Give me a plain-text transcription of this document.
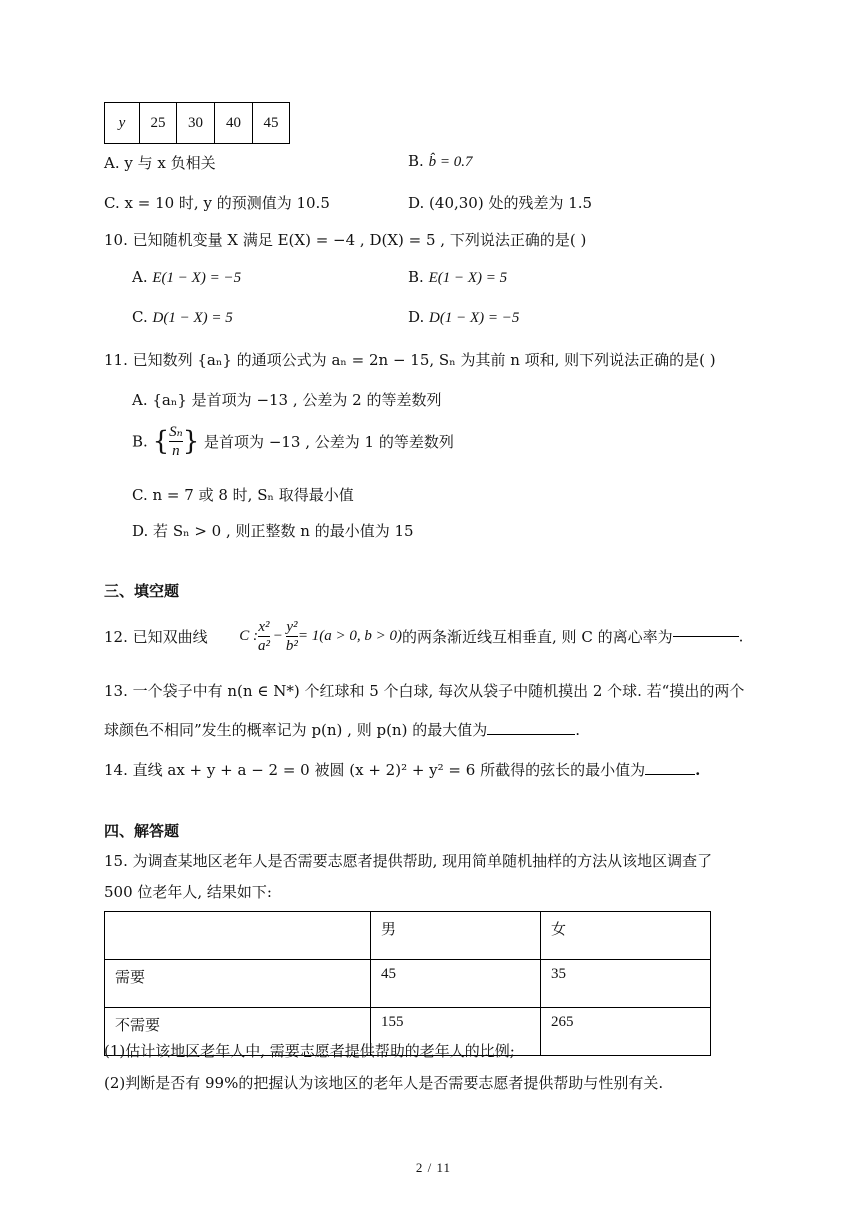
y	25	30	40	45
A. y 与 x 负相关	B. b̂ = 0.7
C. x = 10 时, y 的预测值为 10.5	D. (40,30) 处的残差为 1.5
10. 已知随机变量 X 满足 E(X) = −4 , D(X) = 5 , 下列说法正确的是( )
A. E(1 − X) = −5	B. E(1 − X) = 5
C. D(1 − X) = 5	D. D(1 − X) = −5
11. 已知数列 {aₙ} 的通项公式为 aₙ = 2n − 15, Sₙ 为其前 n 项和, 则下列说法正确的是( )
A. {aₙ} 是首项为 −13 , 公差为 2 的等差数列
B. { $\frac{\text{Sₙ}}{n}$ } 是首项为 −13 , 公差为 1 的等差数列
C. n = 7 或 8 时, Sₙ 取得最小值
D. 若 Sₙ > 0 , 则正整数 n 的最小值为 15
三、填空题
12. 已知双曲线 C : $\frac{\text{x²}}{\text{a²}} - \frac{\text{y²}}{\text{b²}} = 1(a > 0$, b > 0)的两条渐近线互相垂直, 则 C 的离心率为	.
13. 一个袋子中有 n(n ∈ N*) 个红球和 5 个白球, 每次从袋子中随机摸出 2 个球. 若“摸出的两个
球颜色不相同”发生的概率记为 p(n) , 则 p(n) 的最大值为	.
14. 直线 ax + y + a − 2 = 0 被圆 (x + 2)² + y² = 6 所截得的弦长的最小值为	.
四、解答题
15. 为调查某地区老年人是否需要志愿者提供帮助, 现用简单随机抽样的方法从该地区调查了
500 位老年人, 结果如下:
	男	女
需要	45	35
不需要	155	265
(1)估计该地区老年人中, 需要志愿者提供帮助的老年人的比例;
(2)判断是否有 99%的把握认为该地区的老年人是否需要志愿者提供帮助与性别有关.
2 / 11
